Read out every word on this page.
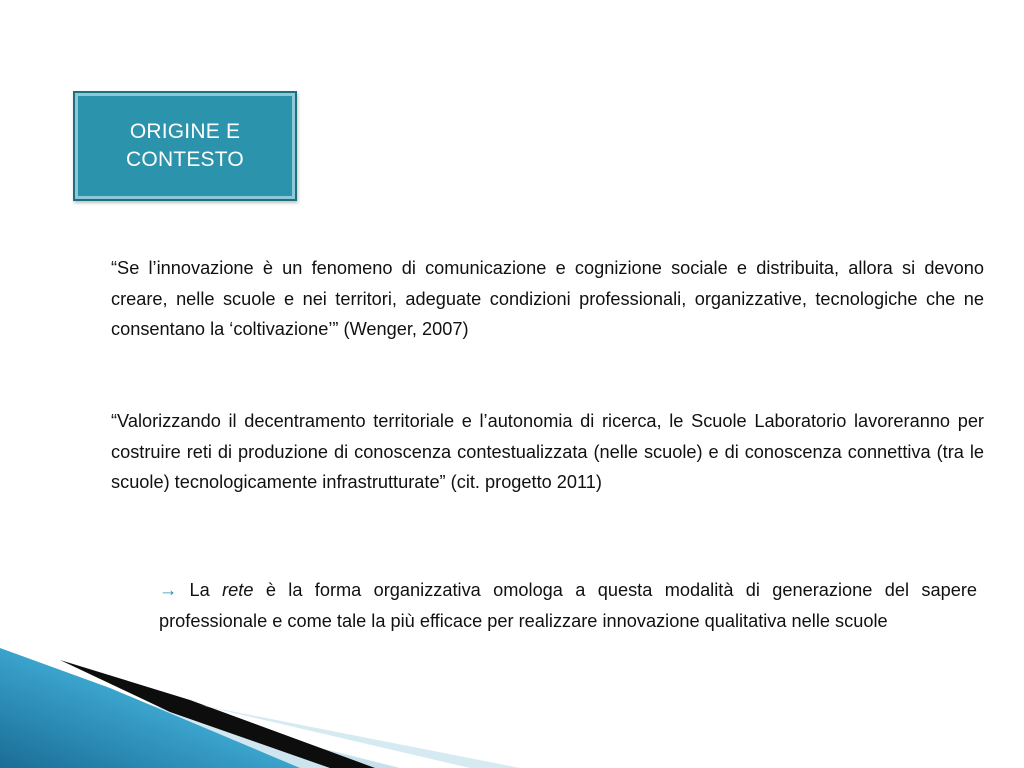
ORIGINE E
CONTESTO

“Se l’innovazione è un fenomeno di comunicazione e cognizione sociale e distribuita, allora si devono creare, nelle scuole e nei territori, adeguate condizioni professionali, organizzative, tecnologiche che ne consentano la ‘coltivazione’” (Wenger, 2007)

“Valorizzando il decentramento territoriale e l’autonomia di ricerca, le Scuole Laboratorio lavoreranno per costruire reti di produzione di conoscenza contestualizzata (nelle scuole) e di conoscenza connettiva (tra le scuole) tecnologicamente infrastrutturate” (cit. progetto 2011)

→ La rete è la forma organizzativa omologa a questa modalità di generazione del sapere professionale e come tale la più efficace per realizzare innovazione qualitativa nelle scuole
